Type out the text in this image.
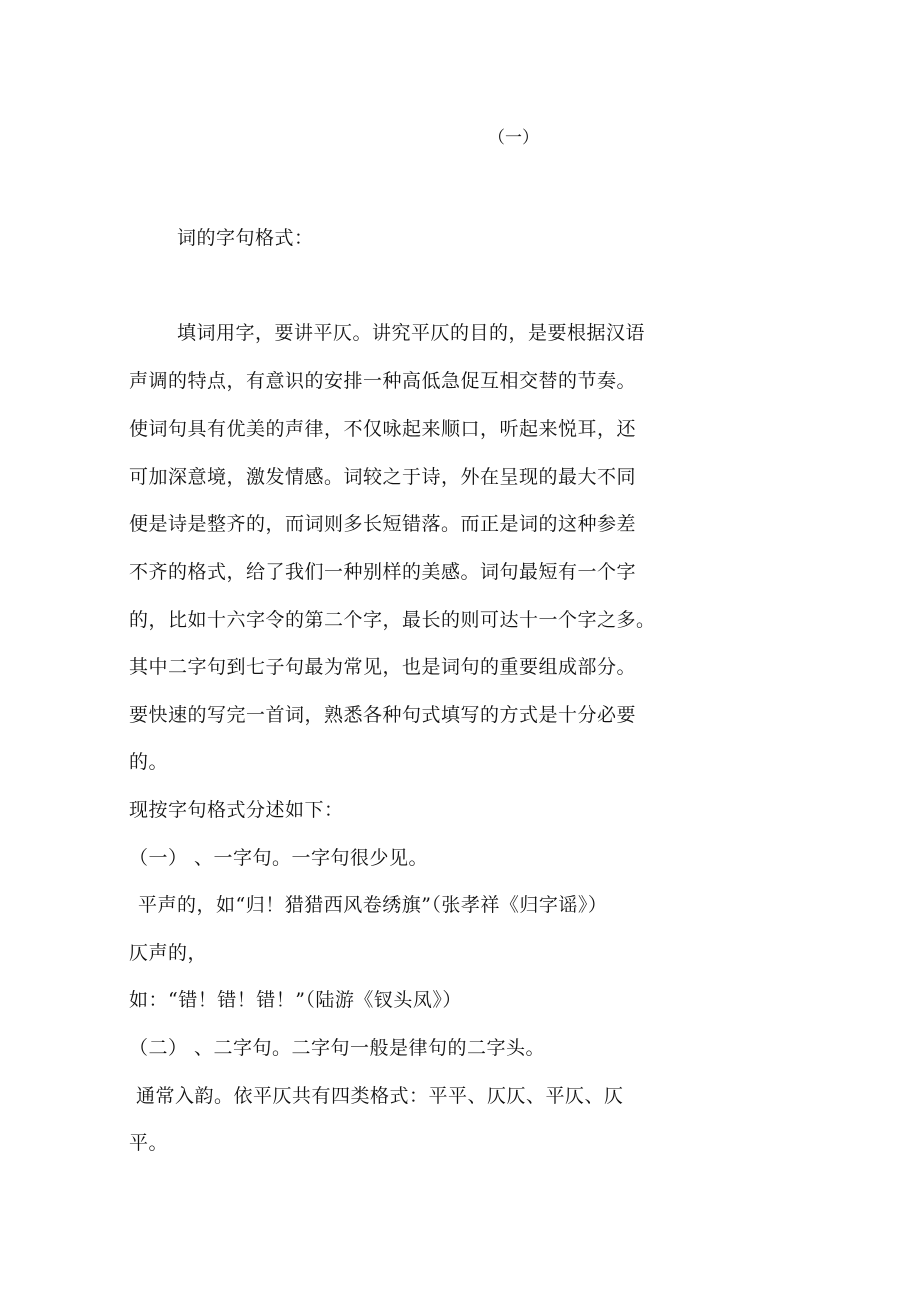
（一）
词的字句格式：
填词用字，要讲平仄。讲究平仄的目的，是要根据汉语
声调的特点，有意识的安排一种高低急促互相交替的节奏。
使词句具有优美的声律，不仅咏起来顺口，听起来悦耳，还
可加深意境，激发情感。词较之于诗，外在呈现的最大不同
便是诗是整齐的，而词则多长短错落。而正是词的这种参差
不齐的格式，给了我们一种别样的美感。词句最短有一个字
的，比如十六字令的第二个字，最长的则可达十一个字之多。
其中二字句到七子句最为常见，也是词句的重要组成部分。
要快速的写完一首词，熟悉各种句式填写的方式是十分必要
的。
现按字句格式分述如下：
（一） 、一字句。一字句很少见。
平声的，如“归！猎猎西风卷绣旗”（张孝祥《归字谣》）
仄声的，
如：“错！错！错！”（陆游《钗头凤》）
（二） 、二字句。二字句一般是律句的二字头。
通常入韵。依平仄共有四类格式：平平、仄仄、平仄、仄
平。
